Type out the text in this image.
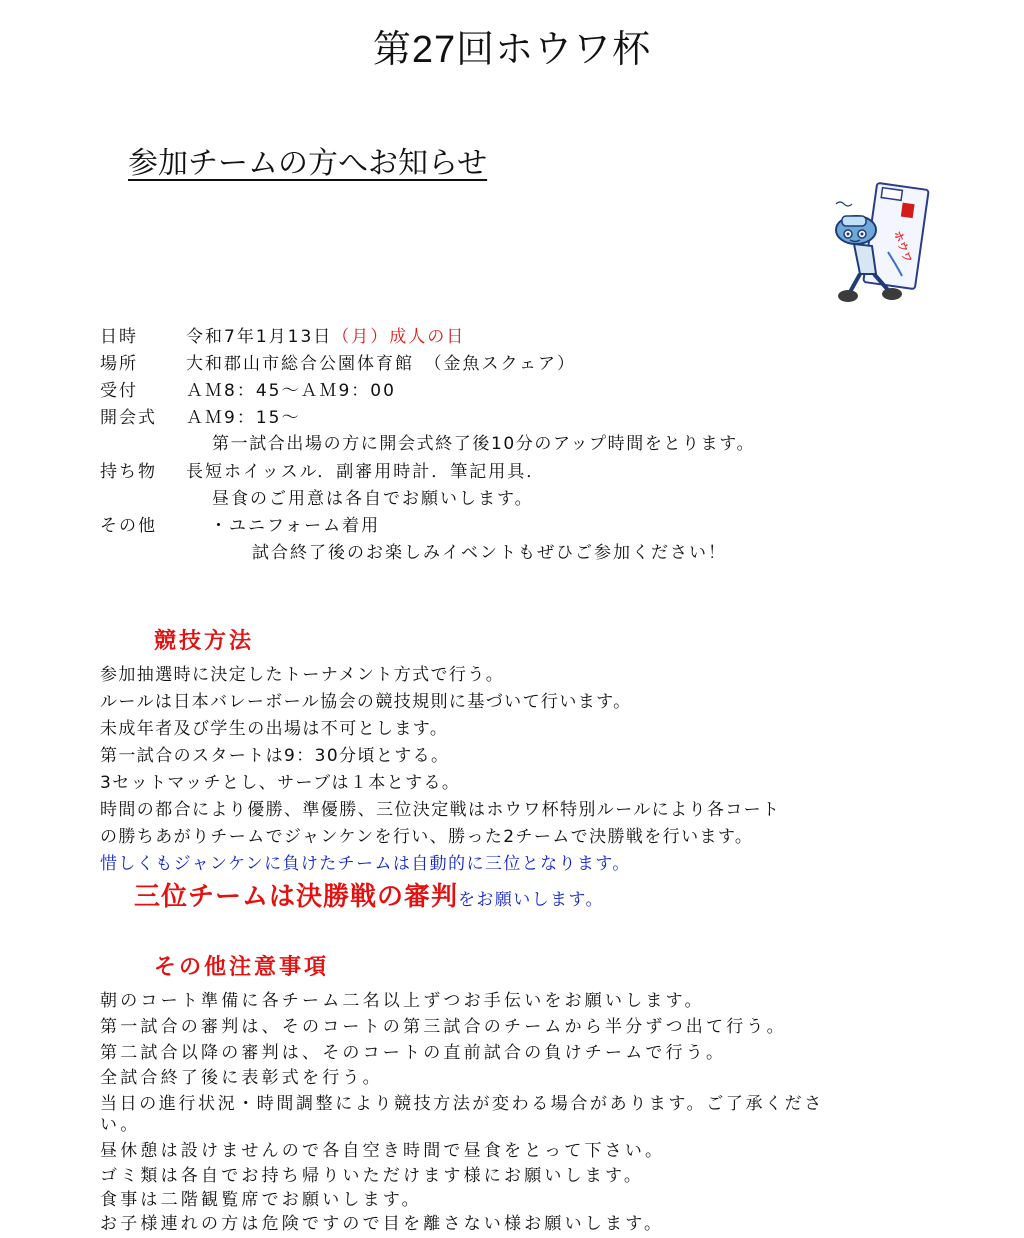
第27回ホウワ杯
参加チームの方へお知らせ
ホウワ
日時	令和7年1月13日（月）成人の日
場所	大和郡山市総合公園体育館　（金魚スクェア）
受付	ＡＭ8：45～ＡＭ9：00
開会式 ＡＭ9：15～
第一試合出場の方に開会式終了後10分のアップ時間をとります。
持ち物 長短ホイッスル．副審用時計．筆記用具．
昼食のご用意は各自でお願いします。
その他	・ユニフォーム着用
試合終了後のお楽しみイベントもぜひご参加ください！
競技方法
参加抽選時に決定したトーナメント方式で行う。
ルールは日本バレーボール協会の競技規則に基づいて行います。
未成年者及び学生の出場は不可とします。
第一試合のスタートは9：30分頃とする。
3セットマッチとし、サーブは１本とする。
時間の都合により優勝、準優勝、三位決定戦はホウワ杯特別ルールにより各コート
の勝ちあがりチームでジャンケンを行い、勝った2チームで決勝戦を行います。
惜しくもジャンケンに負けたチームは自動的に三位となります。
三位チームは決勝戦の審判をお願いします。
その他注意事項
朝のコート準備に各チーム二名以上ずつお手伝いをお願いします。
第一試合の審判は、そのコートの第三試合のチームから半分ずつ出て行う。
第二試合以降の審判は、そのコートの直前試合の負けチームで行う。
全試合終了後に表彰式を行う。
当日の進行状況・時間調整により競技方法が変わる場合があります。ご了承くださ
い。
昼休憩は設けませんので各自空き時間で昼食をとって下さい。
ゴミ類は各自でお持ち帰りいただけます様にお願いします。
食事は二階観覧席でお願いします。
お子様連れの方は危険ですので目を離さない様お願いします。
